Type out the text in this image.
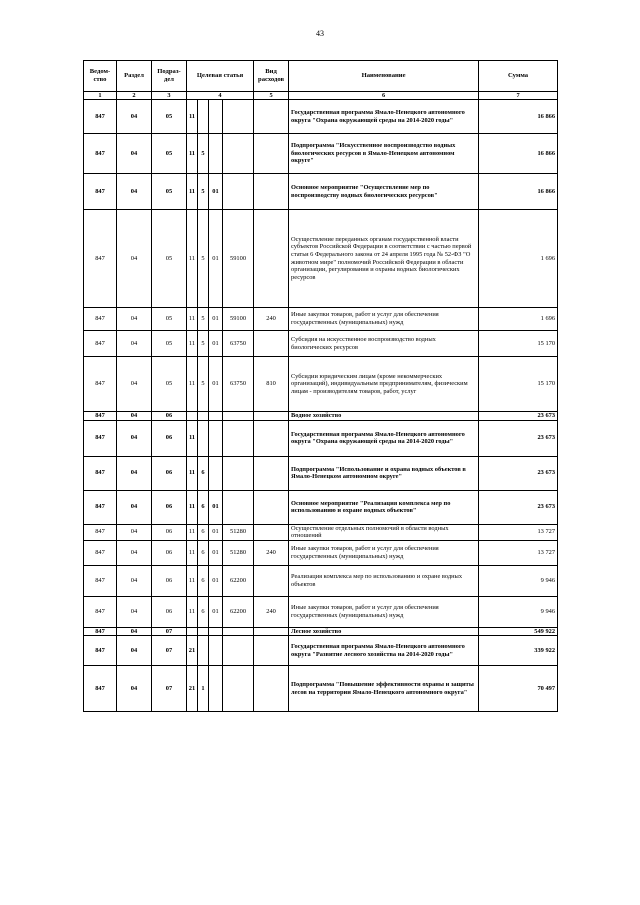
43
Ведом-ство	Раздел	Подраз-дел	Целевая статья				Вид расходов	Наименование	Сумма
1	2	3	4				5	6	7
847	04	05	11					Государственная программа Ямало-Ненецкого автономного округа "Охрана окружающей среды на 2014-2020 годы"	16 866
847	04	05	11	5				Подпрограмма "Искусственное воспроизводство водных биологических ресурсов в Ямало-Ненецком автономном округе"	16 866
847	04	05	11	5	01			Основное мероприятие "Осуществление мер по воспроизводству водных биологических ресурсов"	16 866
847	04	05	11	5	01	59100		Осуществление переданных органам государственной власти субъектов Российской Федерации в соответствии с частью первой статьи 6 Федерального закона от 24 апреля 1995 года № 52-ФЗ "О животном мире" полномочий Российской Федерации в области организации, регулирования и охраны водных биологических ресурсов	1 696
847	04	05	11	5	01	59100	240	Иные закупки товаров, работ и услуг для обеспечения государственных (муниципальных) нужд	1 696
847	04	05	11	5	01	63750		Субсидия на искусственное воспроизводство водных биологических ресурсов	15 170
847	04	05	11	5	01	63750	810	Субсидии юридическим лицам (кроме некоммерческих организаций), индивидуальным предпринимателям, физическим лицам - производителям товаров, работ, услуг	15 170
847	04	06						Водное хозяйство	23 673
847	04	06	11					Государственная программа Ямало-Ненецкого автономного округа "Охрана окружающей среды на 2014-2020 годы"	23 673
847	04	06	11	6				Подпрограмма "Использование и охрана водных объектов в Ямало-Ненецком автономном округе"	23 673
847	04	06	11	6	01			Основное мероприятие "Реализация комплекса мер по использованию и охране водных объектов"	23 673
847	04	06	11	6	01	51280		Осуществление отдельных полномочий в области водных отношений	13 727
847	04	06	11	6	01	51280	240	Иные закупки товаров, работ и услуг для обеспечения государственных (муниципальных) нужд	13 727
847	04	06	11	6	01	62200		Реализация комплекса мер по использованию и охране водных объектов	9 946
847	04	06	11	6	01	62200	240	Иные закупки товаров, работ и услуг для обеспечения государственных (муниципальных) нужд	9 946
847	04	07						Лесное хозяйство	549 922
847	04	07	21					Государственная программа Ямало-Ненецкого автономного округа "Развитие лесного хозяйства на 2014-2020 годы"	339 922
847	04	07	21	1				Подпрограмма "Повышение эффективности охраны и защиты лесов на территории Ямало-Ненецкого автономного округа"	70 497
